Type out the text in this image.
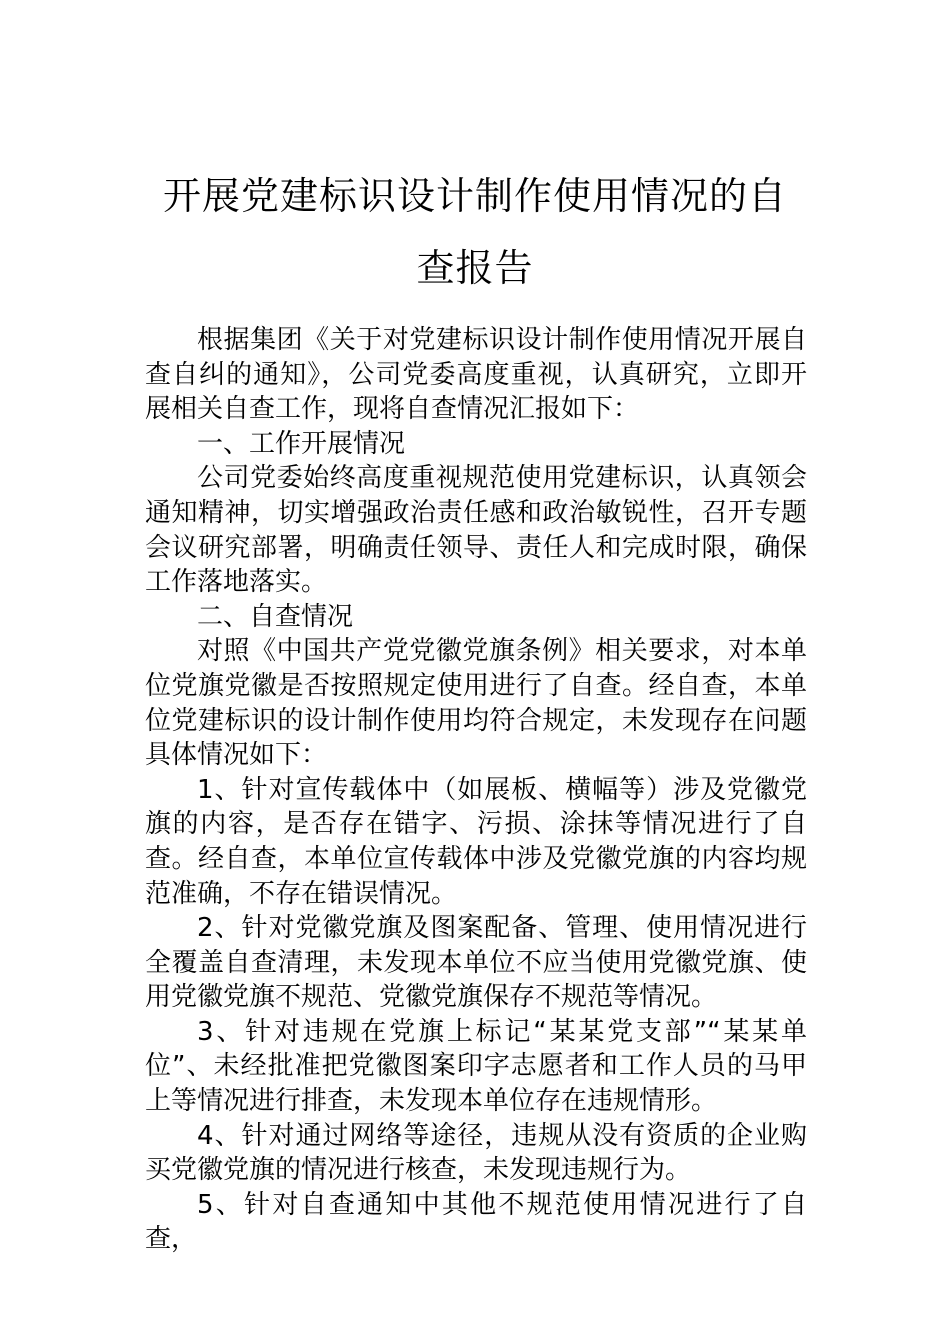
开展党建标识设计制作使用情况的自查报告

根据集团《关于对党建标识设计制作使用情况开展自查自纠的通知》，公司党委高度重视，认真研究，立即开展相关自查工作，现将自查情况汇报如下：

一、工作开展情况

公司党委始终高度重视规范使用党建标识，认真领会通知精神，切实增强政治责任感和政治敏锐性，召开专题会议研究部署，明确责任领导、责任人和完成时限，确保工作落地落实。

二、自查情况

对照《中国共产党党徽党旗条例》相关要求，对本单位党旗党徽是否按照规定使用进行了自查。经自查，本单位党建标识的设计制作使用均符合规定，未发现存在问题具体情况如下：

1、针对宣传载体中（如展板、横幅等）涉及党徽党旗的内容，是否存在错字、污损、涂抹等情况进行了自查。经自查，本单位宣传载体中涉及党徽党旗的内容均规范准确，不存在错误情况。

2、针对党徽党旗及图案配备、管理、使用情况进行全覆盖自查清理，未发现本单位不应当使用党徽党旗、使用党徽党旗不规范、党徽党旗保存不规范等情况。

3、针对违规在党旗上标记“某某党支部”“某某单位”、未经批准把党徽图案印字志愿者和工作人员的马甲上等情况进行排查，未发现本单位存在违规情形。

4、针对通过网络等途径，违规从没有资质的企业购买党徽党旗的情况进行核查，未发现违规行为。

5、针对自查通知中其他不规范使用情况进行了自查，
